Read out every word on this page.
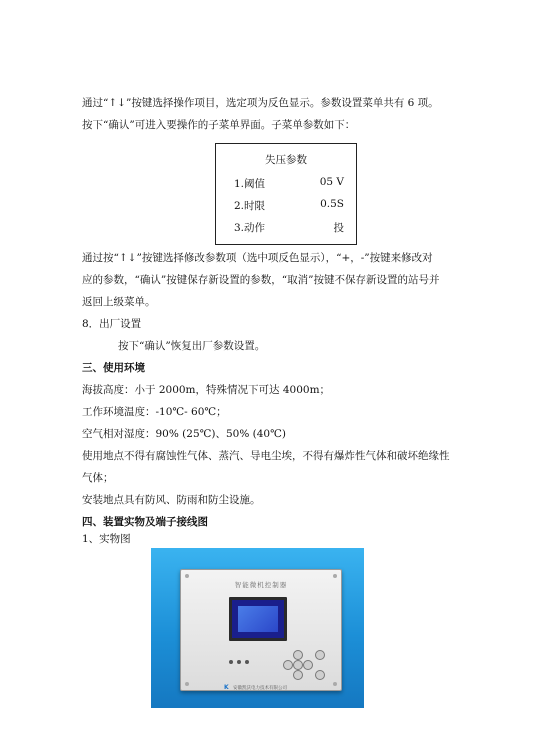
通过“↑↓”按键选择操作项目，选定项为反色显示。参数设置菜单共有 6 项。
按下“确认”可进入要操作的子菜单界面。子菜单参数如下：
失压参数
1.阈值	05 V
2.时限	0.5S
3.动作	投
通过按“↑↓”按键选择修改参数项（选中项反色显示），“+，-”按键来修改对
应的参数，“确认”按键保存新设置的参数，“取消”按键不保存新设置的站号并
返回上级菜单。
8．出厂设置
按下“确认”恢复出厂参数设置。
三、使用环境
海拔高度：小于 2000m，特殊情况下可达 4000m；
工作环境温度：-10℃- 60℃；
空气相对湿度：90% (25℃)、50% (40℃)
使用地点不得有腐蚀性气体、蒸汽、导电尘埃，不得有爆炸性气体和破坏绝缘性
气体；
安装地点具有防风、防雨和防尘设施。
四、装置实物及端子接线图
1、实物图
智能微机控制器
K 安徽凯沃电力技术有限公司
